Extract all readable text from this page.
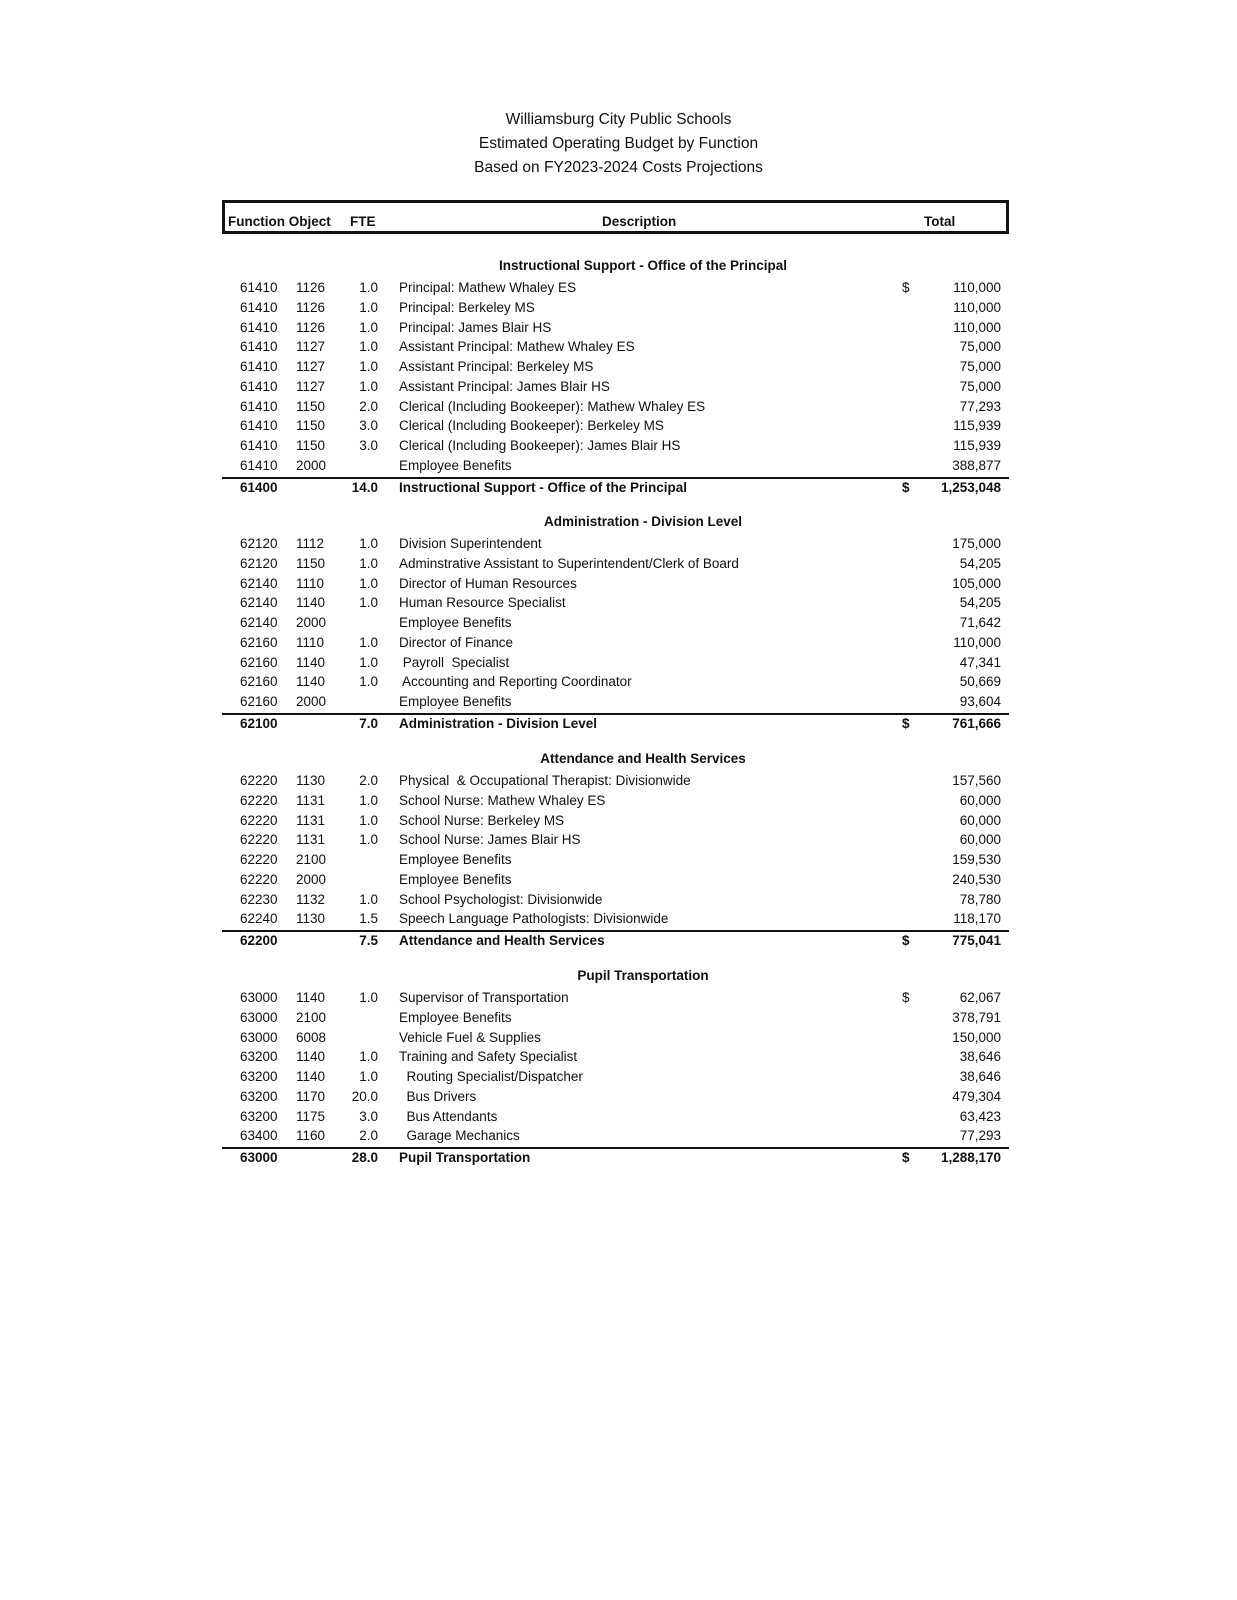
Williamsburg City Public Schools
Estimated Operating Budget by Function
Based on FY2023-2024 Costs Projections
Function Object FTE	Description	Total
Instructional Support - Office of the Principal
61410 1126	1.0 Principal: Mathew Whaley ES	$	110,000
61410 1126	1.0 Principal: Berkeley MS	110,000
61410 1126	1.0 Principal: James Blair HS	110,000
61410 1127	1.0 Assistant Principal: Mathew Whaley ES	75,000
61410 1127	1.0 Assistant Principal: Berkeley MS	75,000
61410 1127	1.0 Assistant Principal: James Blair HS	75,000
61410 1150	2.0 Clerical (Including Bookeeper): Mathew Whaley ES	77,293
61410 1150	3.0 Clerical (Including Bookeeper): Berkeley MS	115,939
61410 1150	3.0 Clerical (Including Bookeeper): James Blair HS	115,939
61410 2000	Employee Benefits	388,877
61400	14.0 Instructional Support - Office of the Principal	$ 1,253,048
Administration - Division Level
62120 1112	1.0 Division Superintendent	175,000
62120 1150	1.0 Adminstrative Assistant to Superintendent/Clerk of Board	54,205
62140 1110	1.0 Director of Human Resources	105,000
62140 1140	1.0 Human Resource Specialist	54,205
62140 2000	Employee Benefits	71,642
62160 1110	1.0 Director of Finance	110,000
62160 1140	1.0 Payroll  Specialist	47,341
62160 1140	1.0 Accounting and Reporting Coordinator	50,669
62160 2000	Employee Benefits	93,604
62100	7.0 Administration - Division Level	$	761,666
Attendance and Health Services
62220 1130	2.0 Physical  & Occupational Therapist: Divisionwide	157,560
62220 1131	1.0 School Nurse: Mathew Whaley ES	60,000
62220 1131	1.0 School Nurse: Berkeley MS	60,000
62220 1131	1.0 School Nurse: James Blair HS	60,000
62220 2100	Employee Benefits	159,530
62220 2000	Employee Benefits	240,530
62230 1132	1.0 School Psychologist: Divisionwide	78,780
62240 1130	1.5 Speech Language Pathologists: Divisionwide	118,170
62200	7.5 Attendance and Health Services	$	775,041
Pupil Transportation
63000 1140	1.0 Supervisor of Transportation	$	62,067
63000 2100	Employee Benefits	378,791
63000 6008	Vehicle Fuel & Supplies	150,000
63200 1140	1.0 Training and Safety Specialist	38,646
63200 1140	1.0 Routing Specialist/Dispatcher	38,646
63200 1170	20.0 Bus Drivers	479,304
63200 1175	3.0 Bus Attendants	63,423
63400 1160	2.0 Garage Mechanics	77,293
63000	28.0 Pupil Transportation	$ 1,288,170
